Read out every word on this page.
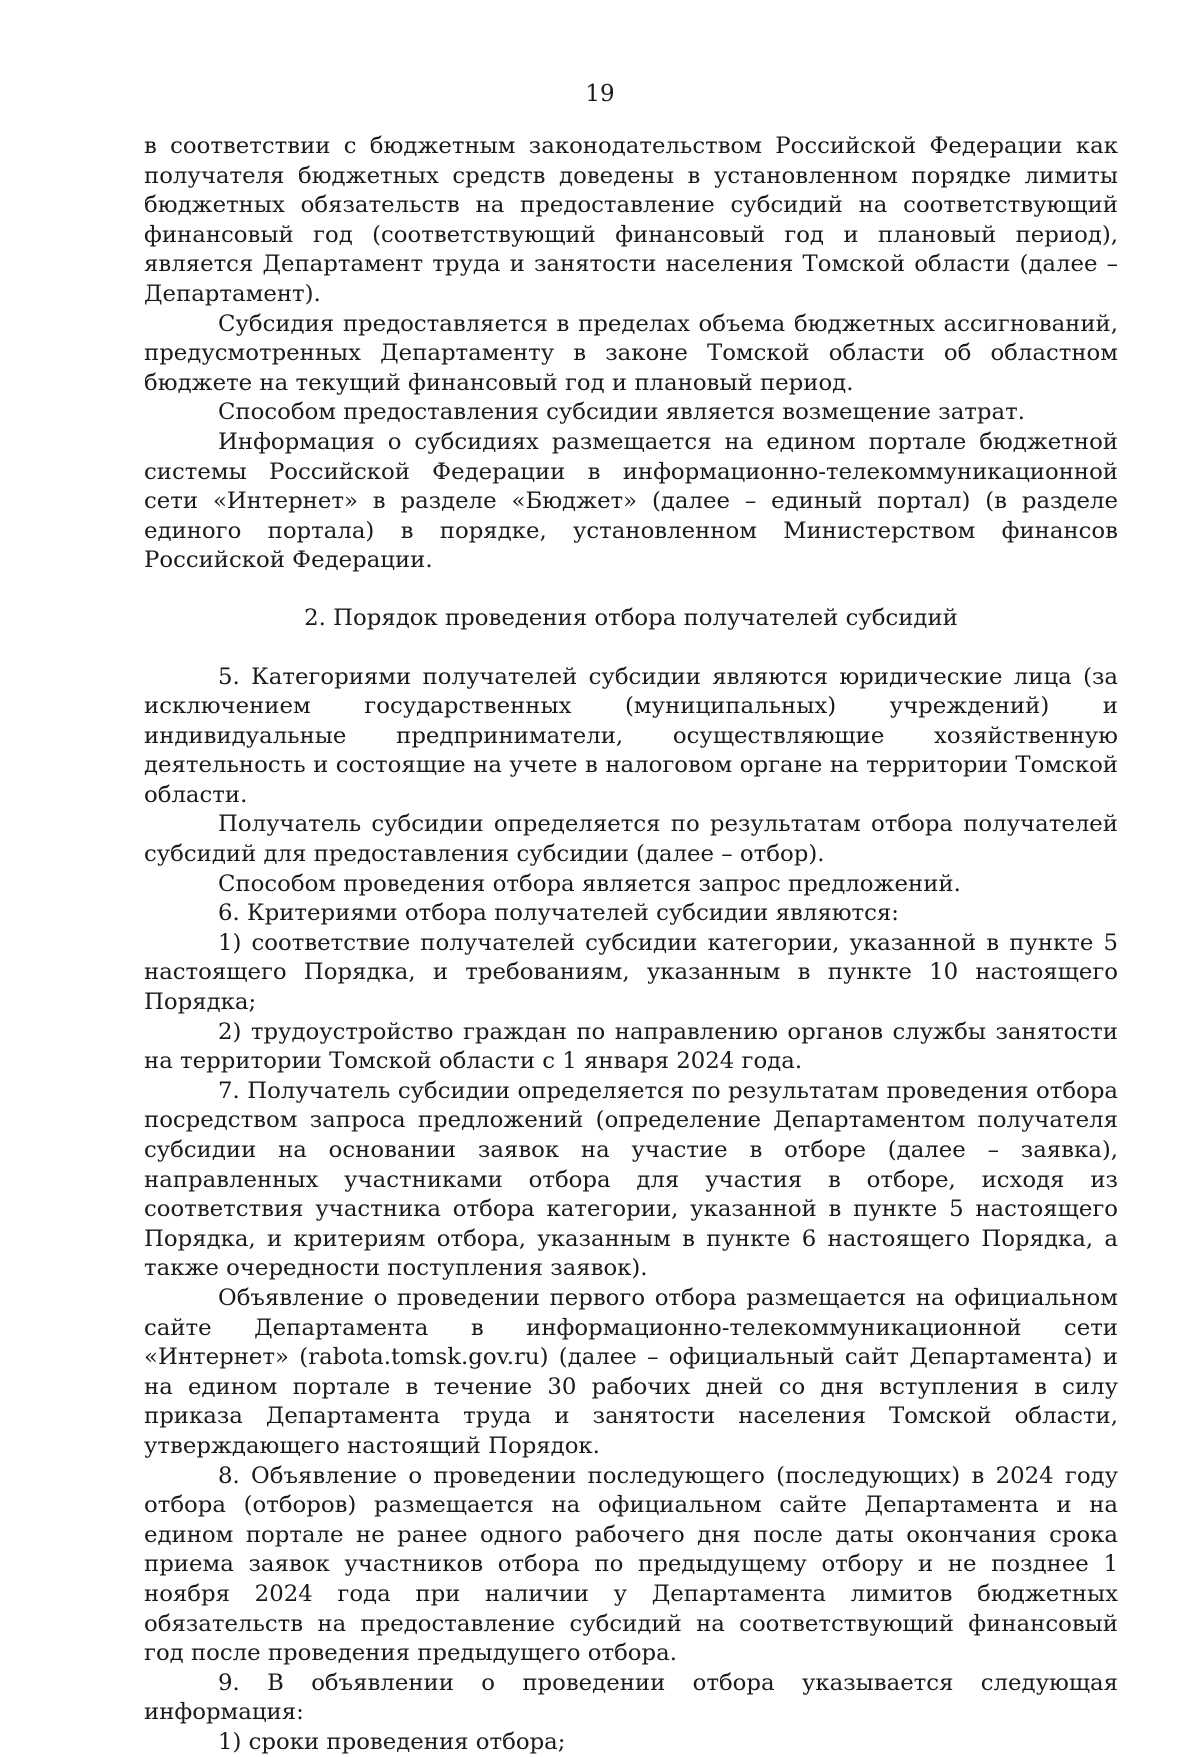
19

в соответствии с бюджетным законодательством Российской Федерации как получателя бюджетных средств доведены в установленном порядке лимиты бюджетных обязательств на предоставление субсидий на соответствующий финансовый год (соответствующий финансовый год и плановый период), является Департамент труда и занятости населения Томской области (далее – Департамент).

Субсидия предоставляется в пределах объема бюджетных ассигнований, предусмотренных Департаменту в законе Томской области об областном бюджете на текущий финансовый год и плановый период.

Способом предоставления субсидии является возмещение затрат.

Информация о субсидиях размещается на едином портале бюджетной системы Российской Федерации в информационно-телекоммуникационной сети «Интернет» в разделе «Бюджет» (далее – единый портал) (в разделе единого портала) в порядке, установленном Министерством финансов Российской Федерации.

2. Порядок проведения отбора получателей субсидий

5. Категориями получателей субсидии являются юридические лица (за исключением государственных (муниципальных) учреждений) и индивидуальные предприниматели, осуществляющие хозяйственную деятельность и состоящие на учете в налоговом органе на территории Томской области.

Получатель субсидии определяется по результатам отбора получателей субсидий для предоставления субсидии (далее – отбор).

Способом проведения отбора является запрос предложений.

6. Критериями отбора получателей субсидии являются:

1) соответствие получателей субсидии категории, указанной в пункте 5 настоящего Порядка, и требованиям, указанным в пункте 10 настоящего Порядка;

2) трудоустройство граждан по направлению органов службы занятости на территории Томской области с 1 января 2024 года.

7. Получатель субсидии определяется по результатам проведения отбора посредством запроса предложений (определение Департаментом получателя субсидии на основании заявок на участие в отборе (далее – заявка), направленных участниками отбора для участия в отборе, исходя из соответствия участника отбора категории, указанной в пункте 5 настоящего Порядка, и критериям отбора, указанным в пункте 6 настоящего Порядка, а также очередности поступления заявок).

Объявление о проведении первого отбора размещается на официальном сайте Департамента в информационно-телекоммуникационной сети «Интернет» (rabota.tomsk.gov.ru) (далее – официальный сайт Департамента) и на едином портале в течение 30 рабочих дней со дня вступления в силу приказа Департамента труда и занятости населения Томской области, утверждающего настоящий Порядок.

8. Объявление о проведении последующего (последующих) в 2024 году отбора (отборов) размещается на официальном сайте Департамента и на едином портале не ранее одного рабочего дня после даты окончания срока приема заявок участников отбора по предыдущему отбору и не позднее 1 ноября 2024 года при наличии у Департамента лимитов бюджетных обязательств на предоставление субсидий на соответствующий финансовый год после проведения предыдущего отбора.

9. В объявлении о проведении отбора указывается следующая информация:

1) сроки проведения отбора;
